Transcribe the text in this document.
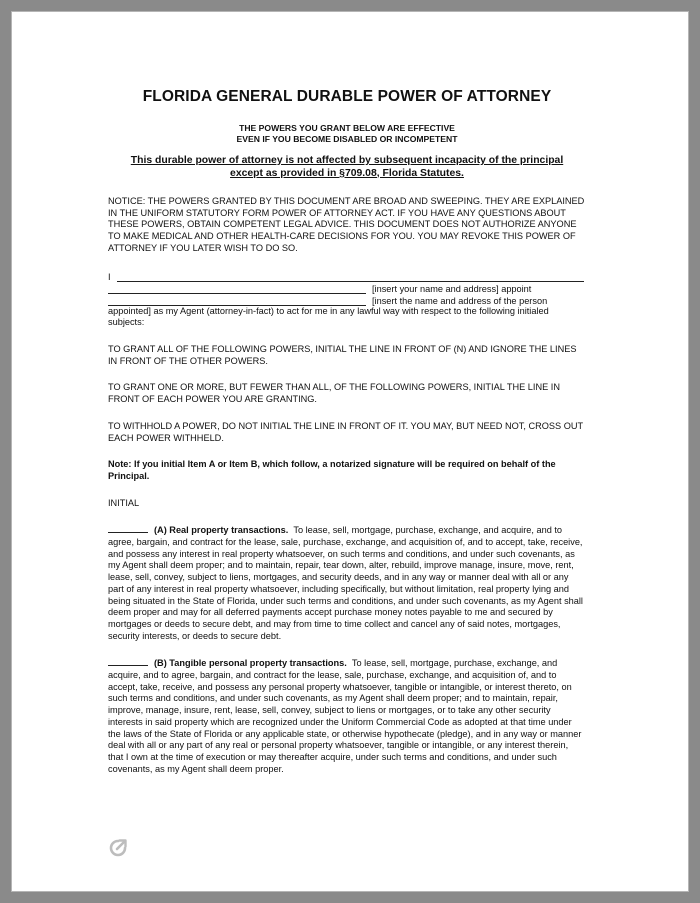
FLORIDA GENERAL DURABLE POWER OF ATTORNEY
THE POWERS YOU GRANT BELOW ARE EFFECTIVE
EVEN IF YOU BECOME DISABLED OR INCOMPETENT
This durable power of attorney is not affected by subsequent incapacity of the principal
except as provided in §709.08, Florida Statutes.

NOTICE: THE POWERS GRANTED BY THIS DOCUMENT ARE BROAD AND SWEEPING. THEY ARE EXPLAINED IN THE UNIFORM STATUTORY FORM POWER OF ATTORNEY ACT. IF YOU HAVE ANY QUESTIONS ABOUT THESE POWERS, OBTAIN COMPETENT LEGAL ADVICE. THIS DOCUMENT DOES NOT AUTHORIZE ANYONE TO MAKE MEDICAL AND OTHER HEALTH-CARE DECISIONS FOR YOU. YOU MAY REVOKE THIS POWER OF ATTORNEY IF YOU LATER WISH TO DO SO.

I
[insert your name and address] appoint
[insert the name and address of the person

appointed] as my Agent (attorney-in-fact) to act for me in any lawful way with respect to the following initialed subjects:

TO GRANT ALL OF THE FOLLOWING POWERS, INITIAL THE LINE IN FRONT OF (N) AND IGNORE THE LINES IN FRONT OF THE OTHER POWERS.

TO GRANT ONE OR MORE, BUT FEWER THAN ALL, OF THE FOLLOWING POWERS, INITIAL THE LINE IN FRONT OF EACH POWER YOU ARE GRANTING.

TO WITHHOLD A POWER, DO NOT INITIAL THE LINE IN FRONT OF IT. YOU MAY, BUT NEED NOT, CROSS OUT EACH POWER WITHHELD.

Note: If you initial Item A or Item B, which follow, a notarized signature will be required on behalf of the Principal.

INITIAL

(A) Real property transactions. To lease, sell, mortgage, purchase, exchange, and acquire, and to agree, bargain, and contract for the lease, sale, purchase, exchange, and acquisition of, and to accept, take, receive, and possess any interest in real property whatsoever, on such terms and conditions, and under such covenants, as my Agent shall deem proper; and to maintain, repair, tear down, alter, rebuild, improve manage, insure, move, rent, lease, sell, convey, subject to liens, mortgages, and security deeds, and in any way or manner deal with all or any part of any interest in real property whatsoever, including specifically, but without limitation, real property lying and being situated in the State of Florida, under such terms and conditions, and under such covenants, as my Agent shall deem proper and may for all deferred payments accept purchase money notes payable to me and secured by mortgages or deeds to secure debt, and may from time to time collect and cancel any of said notes, mortgages, security interests, or deeds to secure debt.

(B) Tangible personal property transactions. To lease, sell, mortgage, purchase, exchange, and acquire, and to agree, bargain, and contract for the lease, sale, purchase, exchange, and acquisition of, and to accept, take, receive, and possess any personal property whatsoever, tangible or intangible, or interest thereto, on such terms and conditions, and under such covenants, as my Agent shall deem proper; and to maintain, repair, improve, manage, insure, rent, lease, sell, convey, subject to liens or mortgages, or to take any other security interests in said property which are recognized under the Uniform Commercial Code as adopted at that time under the laws of the State of Florida or any applicable state, or otherwise hypothecate (pledge), and in any way or manner deal with all or any part of any real or personal property whatsoever, tangible or intangible, or any interest therein, that I own at the time of execution or may thereafter acquire, under such terms and conditions, and under such covenants, as my Agent shall deem proper.
